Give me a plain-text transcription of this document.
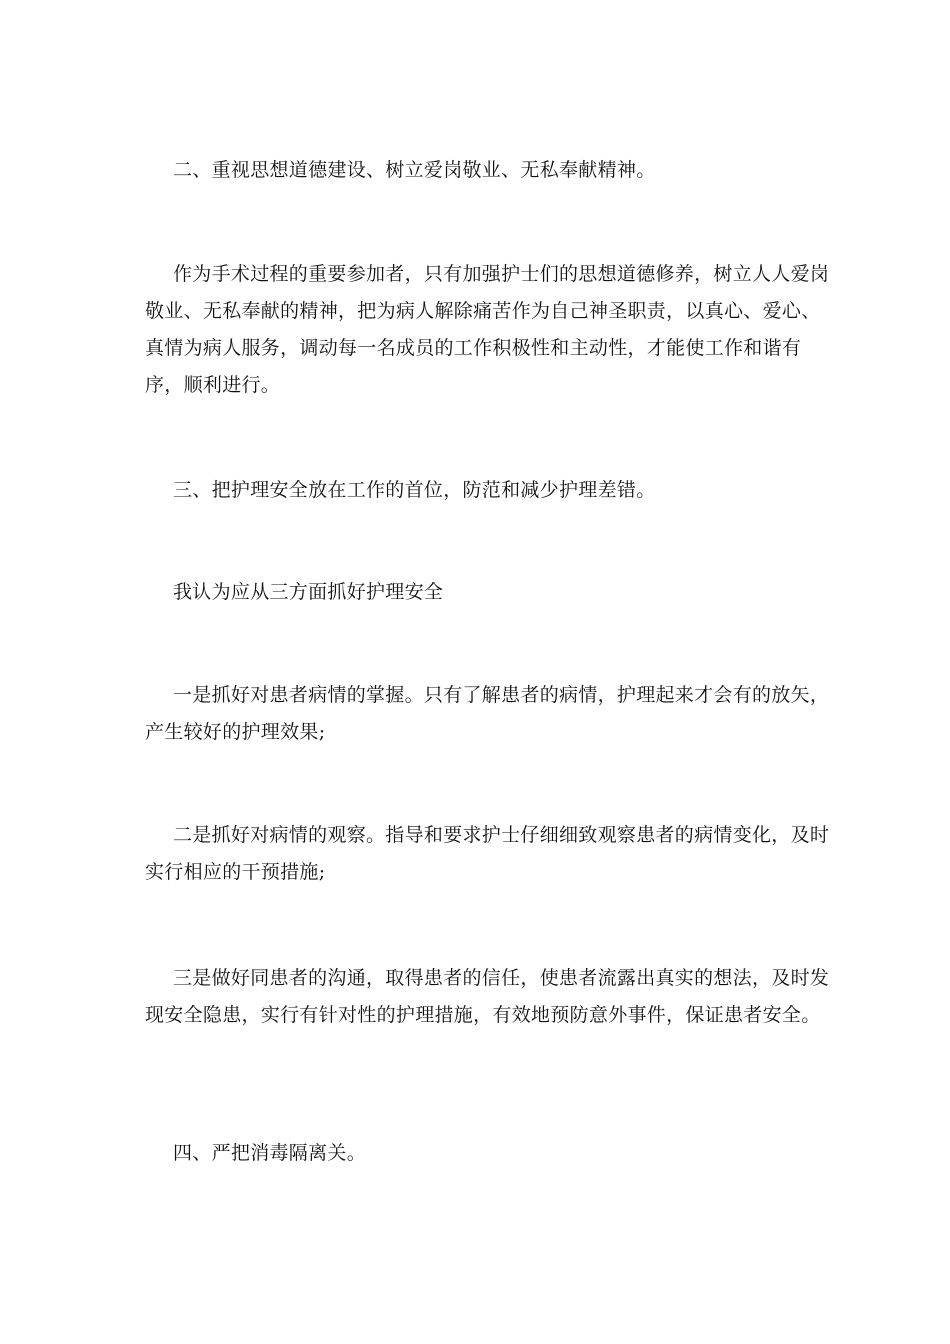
二、重视思想道德建设、树立爱岗敬业、无私奉献精神。

作为手术过程的重要参加者，只有加强护士们的思想道德修养，树立人人爱岗敬业、无私奉献的精神，把为病人解除痛苦作为自己神圣职责，以真心、爱心、真情为病人服务，调动每一名成员的工作积极性和主动性，才能使工作和谐有序，顺利进行。

三、把护理安全放在工作的首位，防范和减少护理差错。

我认为应从三方面抓好护理安全

一是抓好对患者病情的掌握。只有了解患者的病情，护理起来才会有的放矢，产生较好的护理效果;

二是抓好对病情的观察。指导和要求护士仔细细致观察患者的病情变化，及时实行相应的干预措施;

三是做好同患者的沟通，取得患者的信任，使患者流露出真实的想法，及时发现安全隐患，实行有针对性的护理措施，有效地预防意外事件，保证患者安全。

四、严把消毒隔离关。
